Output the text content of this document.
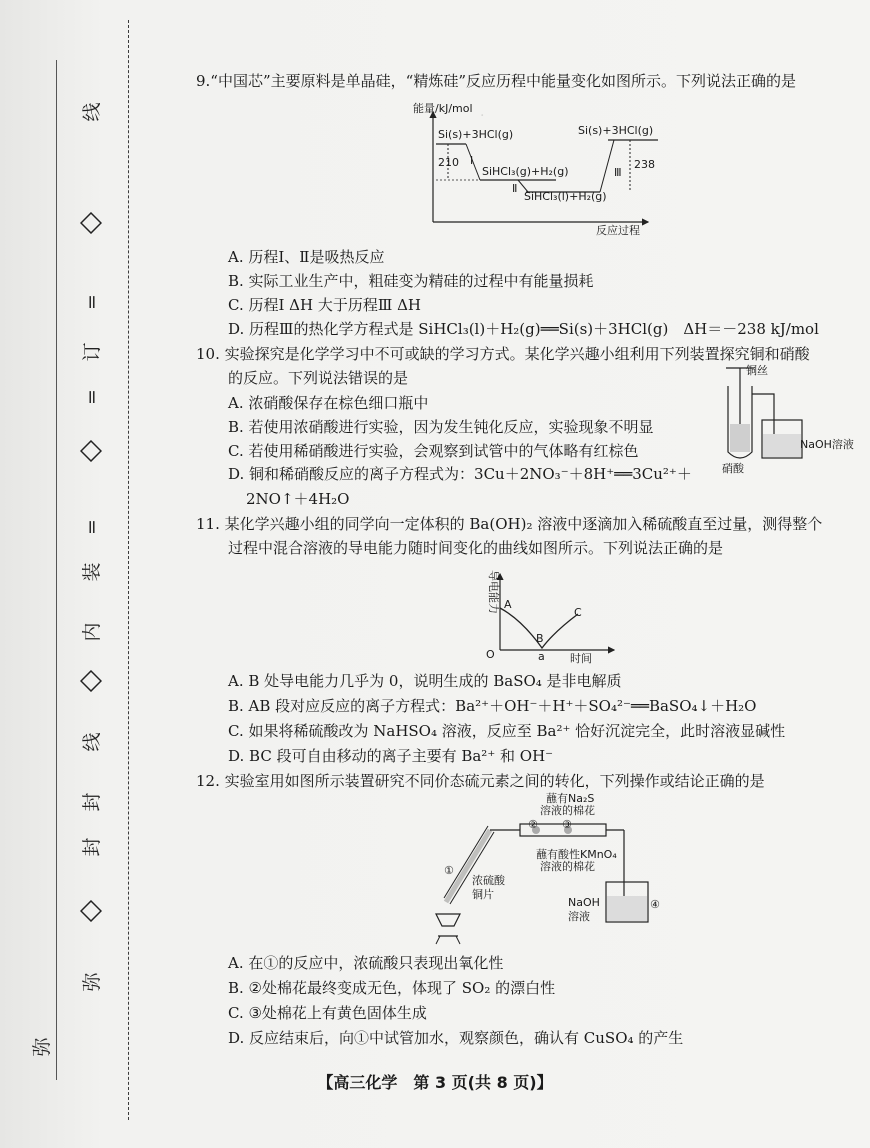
·
线
=
订
=
=
装
内
线
封
封
弥
弥
9.“中国芯”主要原料是单晶硅，“精炼硅”反应历程中能量变化如图所示。下列说法正确的是
能量/kJ/mol
反应过程
Si(s)+3HCl(g)	Si(s)+3HCl(g)
SiHCl₃(g)+H₂(g)
SiHCl₃(l)+H₂(g)
210	238
Ⅰ
Ⅱ
Ⅲ
A. 历程Ⅰ、Ⅱ是吸热反应
B. 实际工业生产中，粗硅变为精硅的过程中有能量损耗
C. 历程Ⅰ ΔH 大于历程Ⅲ ΔH
D. 历程Ⅲ的热化学方程式是 SiHCl₃(l)＋H₂(g)══Si(s)＋3HCl(g)　ΔH＝－238 kJ/mol
10. 实验探究是化学学习中不可或缺的学习方式。某化学兴趣小组利用下列装置探究铜和硝酸
的反应。下列说法错误的是	铜丝
NaOH溶液
硝酸
A. 浓硝酸保存在棕色细口瓶中
B. 若使用浓硝酸进行实验，因为发生钝化反应，实验现象不明显
C. 若使用稀硝酸进行实验，会观察到试管中的气体略有红棕色
D. 铜和稀硝酸反应的离子方程式为：3Cu＋2NO₃⁻＋8H⁺══3Cu²⁺＋
2NO↑＋4H₂O
11. 某化学兴趣小组的同学向一定体积的 Ba(OH)₂ 溶液中逐滴加入稀硫酸直至过量，测得整个
过程中混合溶液的导电能力随时间变化的曲线如图所示。下列说法正确的是
导电能力
时间
O	a
A
B
C
A. B 处导电能力几乎为 0，说明生成的 BaSO₄ 是非电解质
B. AB 段对应反应的离子方程式：Ba²⁺＋OH⁻＋H⁺＋SO₄²⁻══BaSO₄↓＋H₂O
C. 如果将稀硫酸改为 NaHSO₄ 溶液，反应至 Ba²⁺ 恰好沉淀完全，此时溶液显碱性
D. BC 段可自由移动的离子主要有 Ba²⁺ 和 OH⁻
12. 实验室用如图所示装置研究不同价态硫元素之间的转化，下列操作或结论正确的是
蘸有Na₂S
溶液的棉花
蘸有酸性KMnO₄
溶液的棉花
浓硫酸
铜片
NaOH
溶液
①
② ③
④
A. 在①的反应中，浓硫酸只表现出氧化性
B. ②处棉花最终变成无色，体现了 SO₂ 的漂白性
C. ③处棉花上有黄色固体生成
D. 反应结束后，向①中试管加水，观察颜色，确认有 CuSO₄ 的产生
【高三化学　第 3 页(共 8 页)】
